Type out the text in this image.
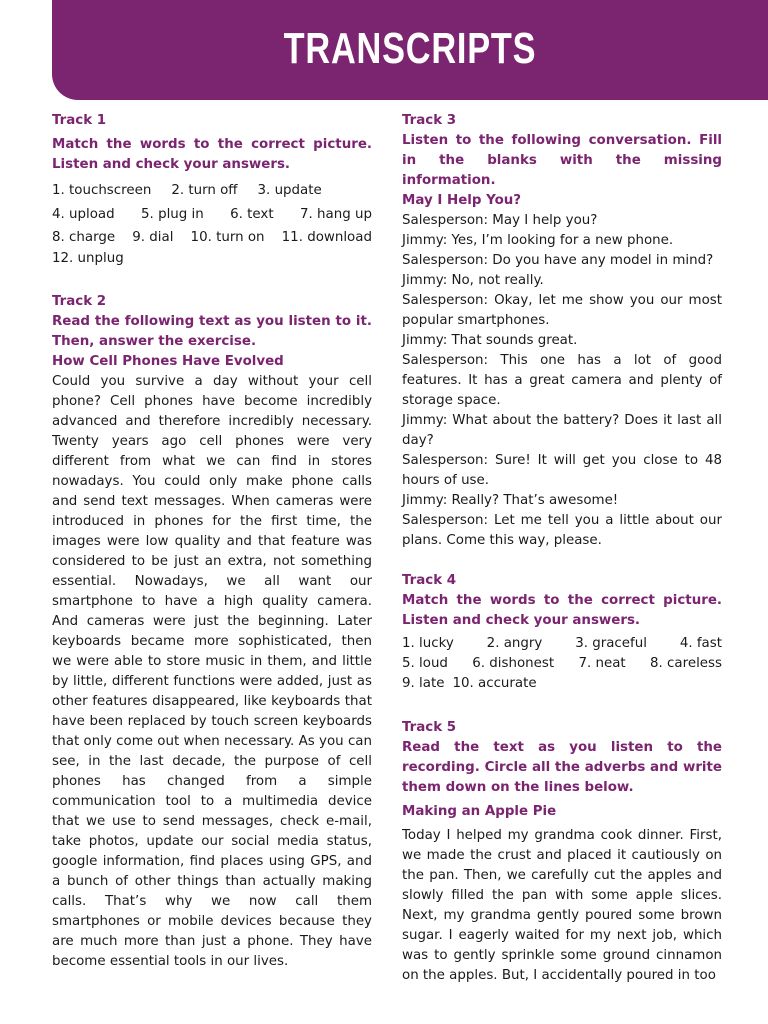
TRANSCRIPTS
Track 1
Match the words to the correct picture. Listen and check your answers.
1. touchscreen 2. turn off 3. update
4. upload 5. plug in 6. text 7. hang up
8. charge 9. dial 10. turn on 11. download
12. unplug
Track 2
Read the following text as you listen to it. Then, answer the exercise.
How Cell Phones Have Evolved
Could you survive a day without your cell phone? Cell phones have become incredibly advanced and therefore incredibly necessary. Twenty years ago cell phones were very different from what we can find in stores nowadays. You could only make phone calls and send text messages. When cameras were introduced in phones for the first time, the images were low quality and that feature was considered to be just an extra, not something essential. Nowadays, we all want our smartphone to have a high quality camera. And cameras were just the beginning. Later keyboards became more sophisticated, then we were able to store music in them, and little by little, different functions were added, just as other features disappeared, like keyboards that have been replaced by touch screen keyboards that only come out when necessary. As you can see, in the last decade, the purpose of cell phones has changed from a simple communication tool to a multimedia device that we use to send messages, check e-mail, take photos, update our social media status, google information, find places using GPS, and a bunch of other things than actually making calls. That’s why we now call them smartphones or mobile devices because they are much more than just a phone. They have become essential tools in our lives.
Track 3
Listen to the following conversation. Fill in the blanks with the missing information.
May I Help You?
Salesperson: May I help you?
Jimmy: Yes, I’m looking for a new phone.
Salesperson: Do you have any model in mind?
Jimmy: No, not really.
Salesperson: Okay, let me show you our most popular smartphones.
Jimmy: That sounds great.
Salesperson: This one has a lot of good features. It has a great camera and plenty of storage space.
Jimmy: What about the battery? Does it last all day?
Salesperson: Sure! It will get you close to 48 hours of use.
Jimmy: Really? That’s awesome!
Salesperson: Let me tell you a little about our plans. Come this way, please.
Track 4
Match the words to the correct picture. Listen and check your answers.
1. lucky 2. angry 3. graceful 4. fast
5. loud 6. dishonest 7. neat 8. careless
9. late 10. accurate
Track 5
Read the text as you listen to the recording. Circle all the adverbs and write them down on the lines below.
Making an Apple Pie
Today I helped my grandma cook dinner. First, we made the crust and placed it cautiously on the pan. Then, we carefully cut the apples and slowly filled the pan with some apple slices. Next, my grandma gently poured some brown sugar. I eagerly waited for my next job, which was to gently sprinkle some ground cinnamon on the apples. But, I accidentally poured in too
